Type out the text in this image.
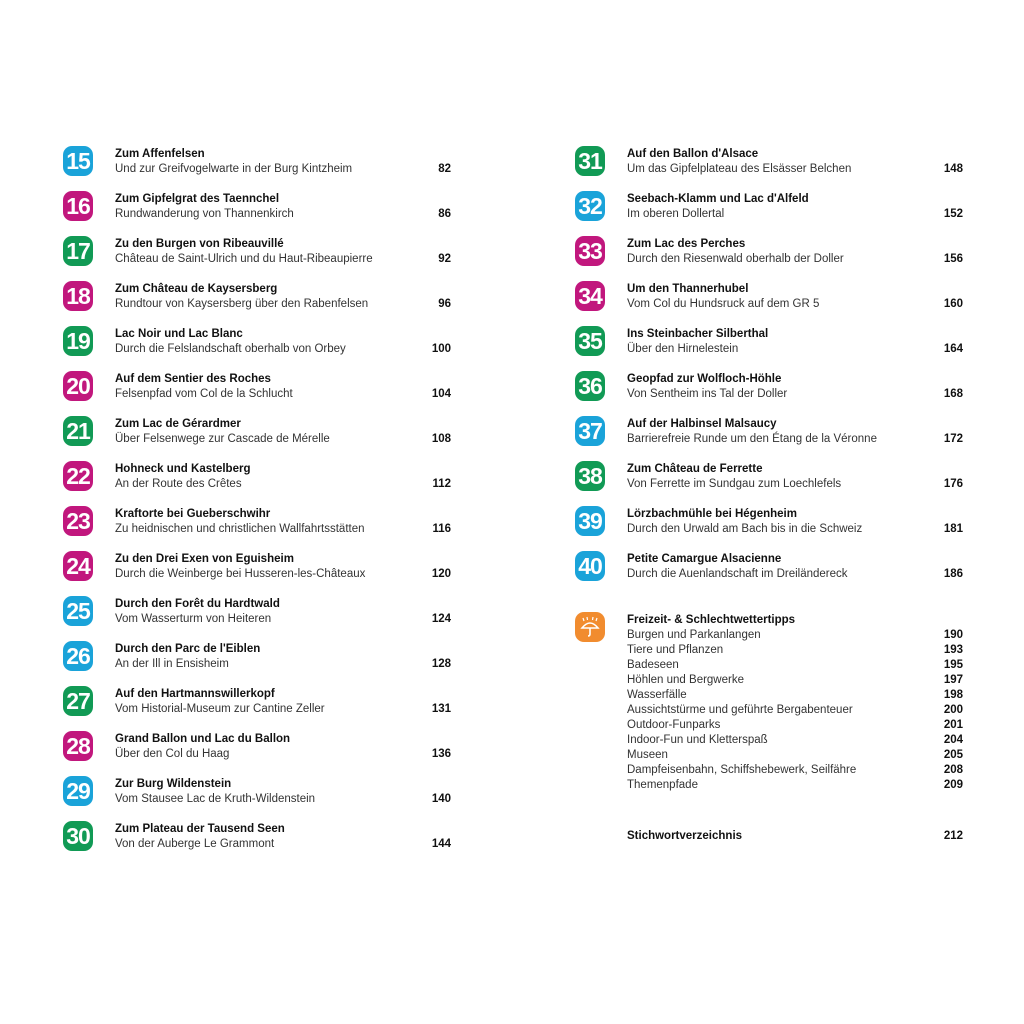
15 Zum Affenfelsen
Und zur Greifvogelwarte in der Burg Kintzheim	82
16 Zum Gipfelgrat des Taennchel
Rundwanderung von Thannenkirch	86
17 Zu den Burgen von Ribeauvillé
Château de Saint-Ulrich und du Haut-Ribeaupierre	92
18 Zum Château de Kaysersberg
Rundtour von Kaysersberg über den Rabenfelsen	96
19 Lac Noir und Lac Blanc
Durch die Felslandschaft oberhalb von Orbey	100
20 Auf dem Sentier des Roches
Felsenpfad vom Col de la Schlucht	104
21 Zum Lac de Gérardmer
Über Felsenwege zur Cascade de Mérelle	108
22 Hohneck und Kastelberg
An der Route des Crêtes	112
23 Kraftorte bei Gueberschwihr
Zu heidnischen und christlichen Wallfahrtsstätten	116
24 Zu den Drei Exen von Eguisheim
Durch die Weinberge bei Husseren-les-Châteaux	120
25 Durch den Forêt du Hardtwald
Vom Wasserturm von Heiteren	124
26 Durch den Parc de l'Eiblen
An der Ill in Ensisheim	128
27 Auf den Hartmannswillerkopf
Vom Historial-Museum zur Cantine Zeller	131
28 Grand Ballon und Lac du Ballon
Über den Col du Haag	136
29 Zur Burg Wildenstein
Vom Stausee Lac de Kruth-Wildenstein	140
30 Zum Plateau der Tausend Seen
Von der Auberge Le Grammont	144
31 Auf den Ballon d'Alsace
Um das Gipfelplateau des Elsässer Belchen	148
32 Seebach-Klamm und Lac d'Alfeld
Im oberen Dollertal	152
33 Zum Lac des Perches
Durch den Riesenwald oberhalb der Doller	156
34 Um den Thannerhubel
Vom Col du Hundsruck auf dem GR 5	160
35 Ins Steinbacher Silberthal
Über den Hirnelestein	164
36 Geopfad zur Wolfloch-Höhle
Von Sentheim ins Tal der Doller	168
37 Auf der Halbinsel Malsaucy
Barrierefreie Runde um den Étang de la Véronne	172
38 Zum Château de Ferrette
Von Ferrette im Sundgau zum Loechlefels	176
39 Lörzbachmühle bei Hégenheim
Durch den Urwald am Bach bis in die Schweiz	181
40 Petite Camargue Alsacienne
Durch die Auenlandschaft im Dreiländereck	186
Freizeit- & Schlechtwettertipps
Burgen und Parkanlangen	190
Tiere und Pflanzen	193
Badeseen	195
Höhlen und Bergwerke	197
Wasserfälle	198
Aussichtstürme und geführte Bergabenteuer	200
Outdoor-Funparks	201
Indoor-Fun und Kletterspaß	204
Museen	205
Dampfeisenbahn, Schiffshebewerk, Seilfähre	208
Themenpfade	209
Stichwortverzeichnis	212
